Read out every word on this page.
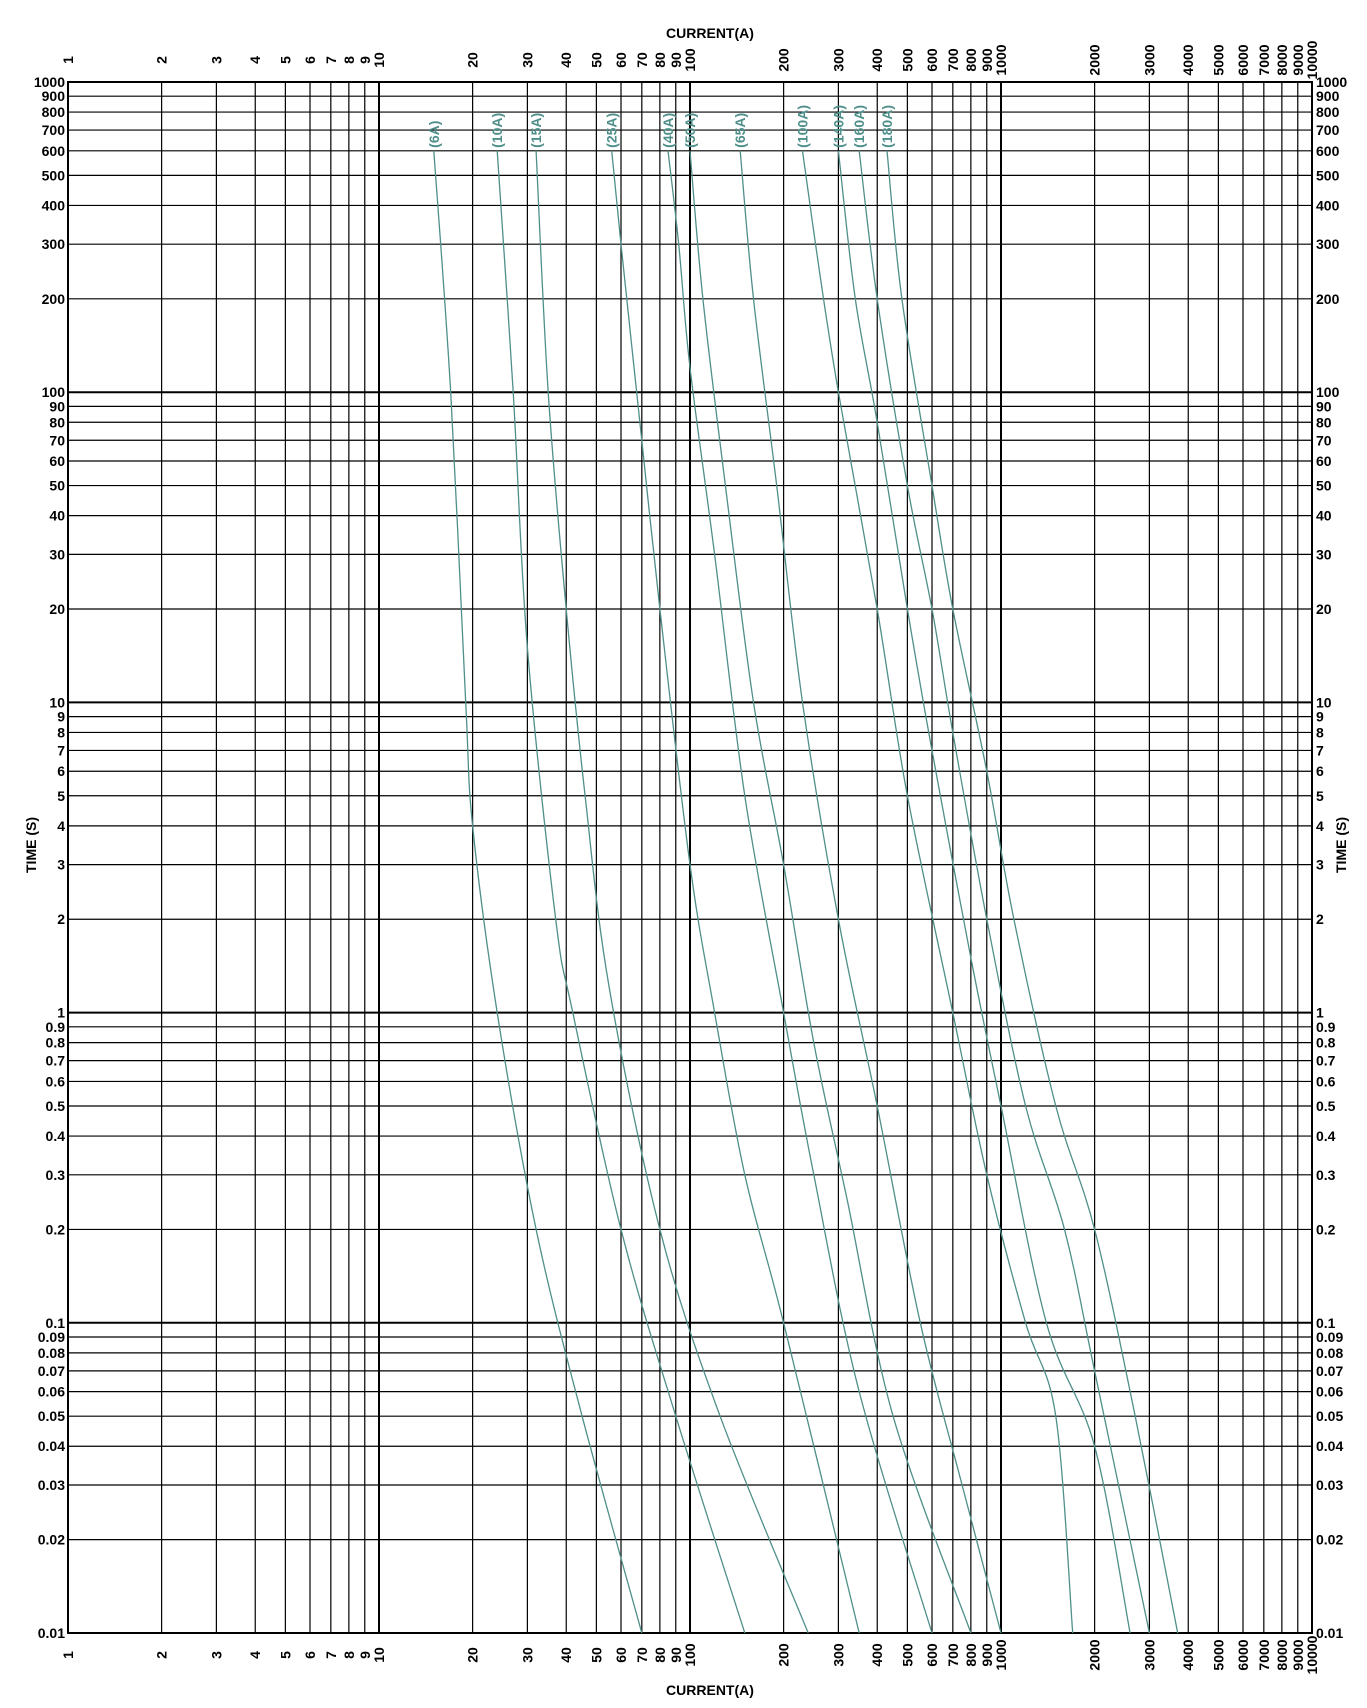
CURRENT(A)
CURRENT(A)
TIME (S)	TIME (S)
1
1
2
2
3
3
4
4
5
5
6
6
7
7
8
8
9
9
10
10
20
20
30
30
40
40
50
50
60
60
70
70
80
80
90
90
100
100
200
200
300
300
400
400
500
500
600
600
700
700
800
800
900
900
1000
1000
2000
2000
3000
3000
4000
4000
5000
5000
6000
6000
7000
7000
8000
8000
9000
9000
10000
10000
0.01	0.01
0.02	0.02
0.03	0.03
0.04	0.04
0.05	0.05
0.06	0.06
0.07	0.07
0.08	0.08
0.09	0.09
0.1	0.1
0.2	0.2
0.3	0.3
0.4	0.4
0.5	0.5
0.6	0.6
0.7	0.7
0.8	0.8
0.9	0.9
1	1
2	2
3	3
4	4
5	5
6	6
7	7
8	8
9	9
10	10
20	20
30	30
40	40
50	50
60	60
70	70
80	80
90	90
100	100
200	200
300	300
400	400
500	500
600	600
700	700
800	800
900	900
1000	1000
(6A)	(10A) (15A)	(25A)	(40A) (50A) (65A)	(100A) (140A) (160A) (180A)
